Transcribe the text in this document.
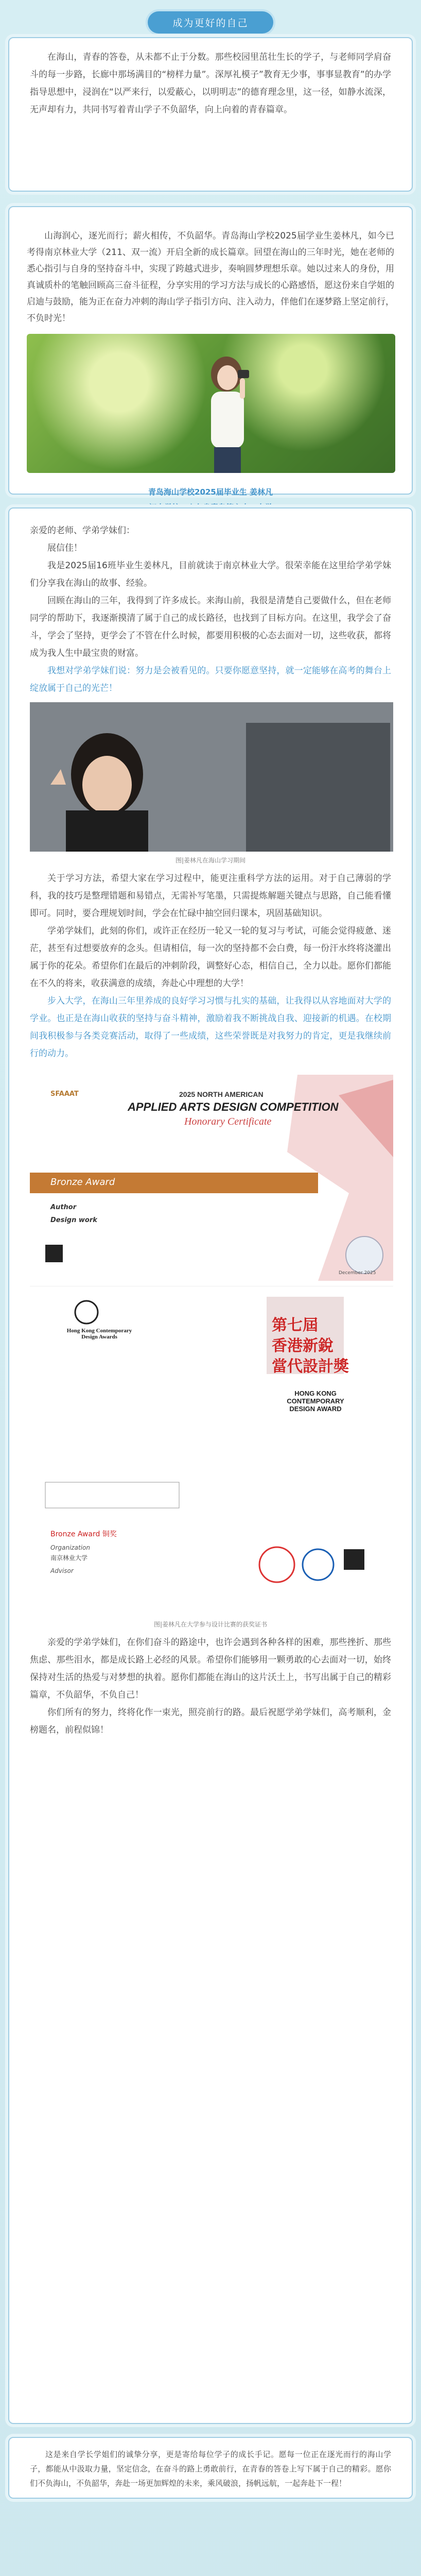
成为更好的自己

在海山，青春的答卷，从未都不止于分数。那些校园里茁壮生长的学子，与老师同学肩奋斗的每一步路，长廊中那场满目的“榜样力量”。深厚礼模子”教育无少事，事事显教育”的办学指导思想中，浸润在“以严来行，以爱蔽心，以明明志”的德育理念里，这一径，如静水流深，无声却有力，共同书写着青山学子不负韶华，向上向着的青春篇章。

山海润心，逐光而行；薪火相传，不负韶华。青岛海山学校2025届学业生姜林凡，如今已考得南京林业大学（211、双一流）开启全新的成长篇章。回望在海山的三年时光，她在老师的悉心指引与自身的坚持奋斗中，实现了跨越式进步，奏响圆梦理想乐章。她以过来人的身份，用真诚质朴的笔触回顾高三奋斗征程，分享实用的学习方法与成长的心路感悟，愿这份来自学姐的启迪与鼓励，能为正在奋力冲刺的海山学子指引方向、注入动力，伴他们在逐梦路上坚定前行，不负时光！

青岛海山学校2025届毕业生 姜林凡

亲爱的老师、学弟学妹们：

展信佳！

我是2025届16班毕业生姜林凡，目前就读于南京林业大学。很荣幸能在这里给学弟学妹们分享我在海山的故事、经验。

回顾在海山的三年，我得到了许多成长。来海山前，我很是清楚自己要做什么，但在老师同学的帮助下，我逐渐摸清了属于自己的成长路径，也找到了目标方向。在这里，我学会了奋斗，学会了坚持，更学会了不管在什么时候，都要用积极的心态去面对一切，这些收获，都将成为我人生中最宝贵的财富。

我想对学弟学妹们说：努力是会被看见的。只要你愿意坚持，就一定能够在高考的舞台上绽放属于自己的光芒！

图|姜林凡在海山学习期间

关于学习方法，希望大家在学习过程中，能更注重科学方法的运用。对于自己薄弱的学科，我的技巧是整理错题和易错点，无需补写笔墨，只需提炼解题关键点与思路，自己能看懂即可。同时，要合理规划时间，学会在忙碌中抽空回归课本，巩固基础知识。

学弟学妹们，此刻的你们，或许正在经历一轮又一轮的复习与考试，可能会觉得疲惫、迷茫，甚至有过想要放弃的念头。但请相信，每一次的坚持都不会白费，每一份汗水终将浇灌出属于你的花朵。希望你们在最后的冲刺阶段，调整好心态，相信自己，全力以赴。愿你们都能在不久的将来，收获满意的成绩，奔赴心中理想的大学！

步入大学，在海山三年里养成的良好学习习惯与扎实的基础，让我得以从容地面对大学的学业。也正是在海山收获的坚持与奋斗精神，激励着我不断挑战自我、迎接新的机遇。在校期间我积极参与各类竞赛活动，取得了一些成绩，这些荣誉既是对我努力的肯定，更是我继续前行的动力。

SFAAAT	2025 NORTH AMERICAN
APPLIED ARTS DESIGN COMPETITION
Honorary Certificate
Bronze Award
Author
Design work
December 2025
Hong Kong Contemporary Design Awards
第七屆
香港新銳
當代設計獎
HONG KONG CONTEMPORARY DESIGN AWARD
Bronze Award 铜奖
Organization
南京林业大学
Advisor
图|姜林凡在大学参与设计比赛的获奖证书

亲爱的学弟学妹们，在你们奋斗的路途中，也许会遇到各种各样的困难，那些挫折、那些焦虑、那些泪水，都是成长路上必经的风景。希望你们能够用一颗勇敢的心去面对一切，始终保持对生活的热爱与对梦想的执着。愿你们都能在海山的这片沃土上，书写出属于自己的精彩篇章，不负韶华，不负自己！

你们所有的努力，终将化作一束光，照亮前行的路。最后祝愿学弟学妹们，高考顺利，金榜题名，前程似锦！

这是来自学长学姐们的诚挚分享，更是寄给每位学子的成长手记。愿每一位正在逐光而行的海山学子，都能从中汲取力量，坚定信念，在奋斗的路上勇敢前行，在青春的答卷上写下属于自己的精彩。愿你们不负海山，不负韶华，奔赴一场更加辉煌的未来，乘风破浪，扬帆远航，一起奔赴下一程！
